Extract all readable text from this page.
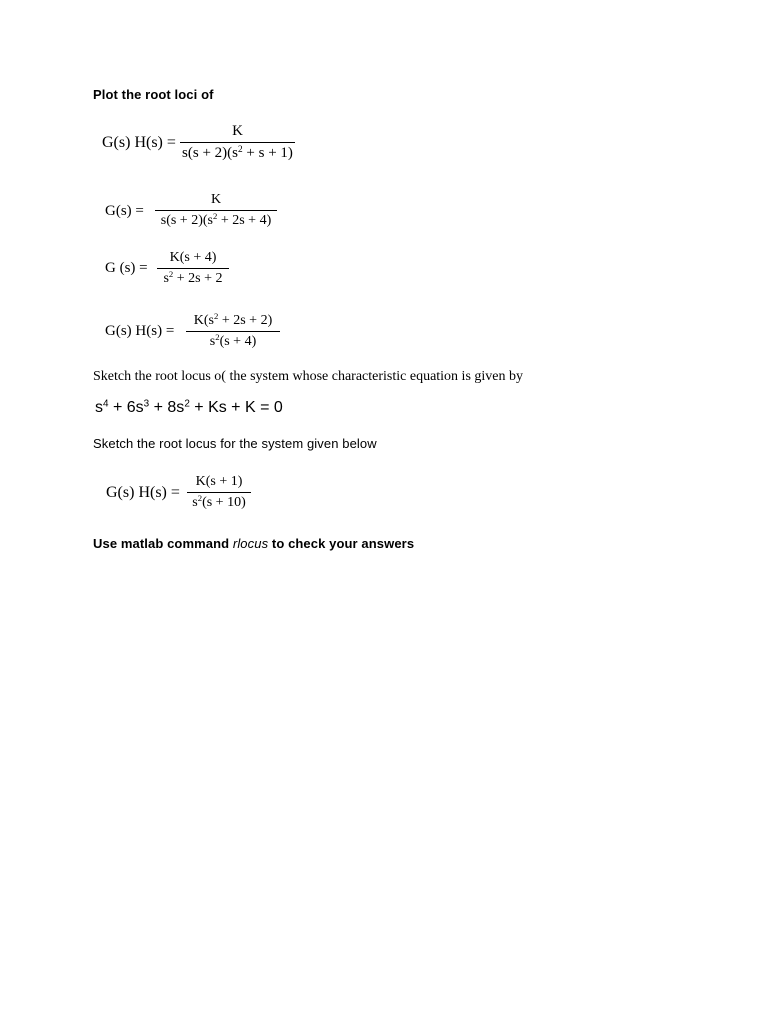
Plot the root loci of
G(s) H(s) =
K
$s(s + 2)(s^2 + s + 1)$
G(s) =
K
$s(s + 2)(s^2 + 2s + 4)$
G (s) =
K(s + 4)
$s^2 + 2s + 2$
G(s) H(s) =
$K(s^2 + 2s + 2)$
$s^2(s + 4)$
Sketch the root locus o( the system whose characteristic equation is given by
$s^4 + 6s^3 + 8s^2 + Ks + K = 0$
Sketch the root locus for the system given below
G(s) H(s) =
K(s + 1)
$s^2(s + 10)$
Use matlab command rlocus to check your answers
